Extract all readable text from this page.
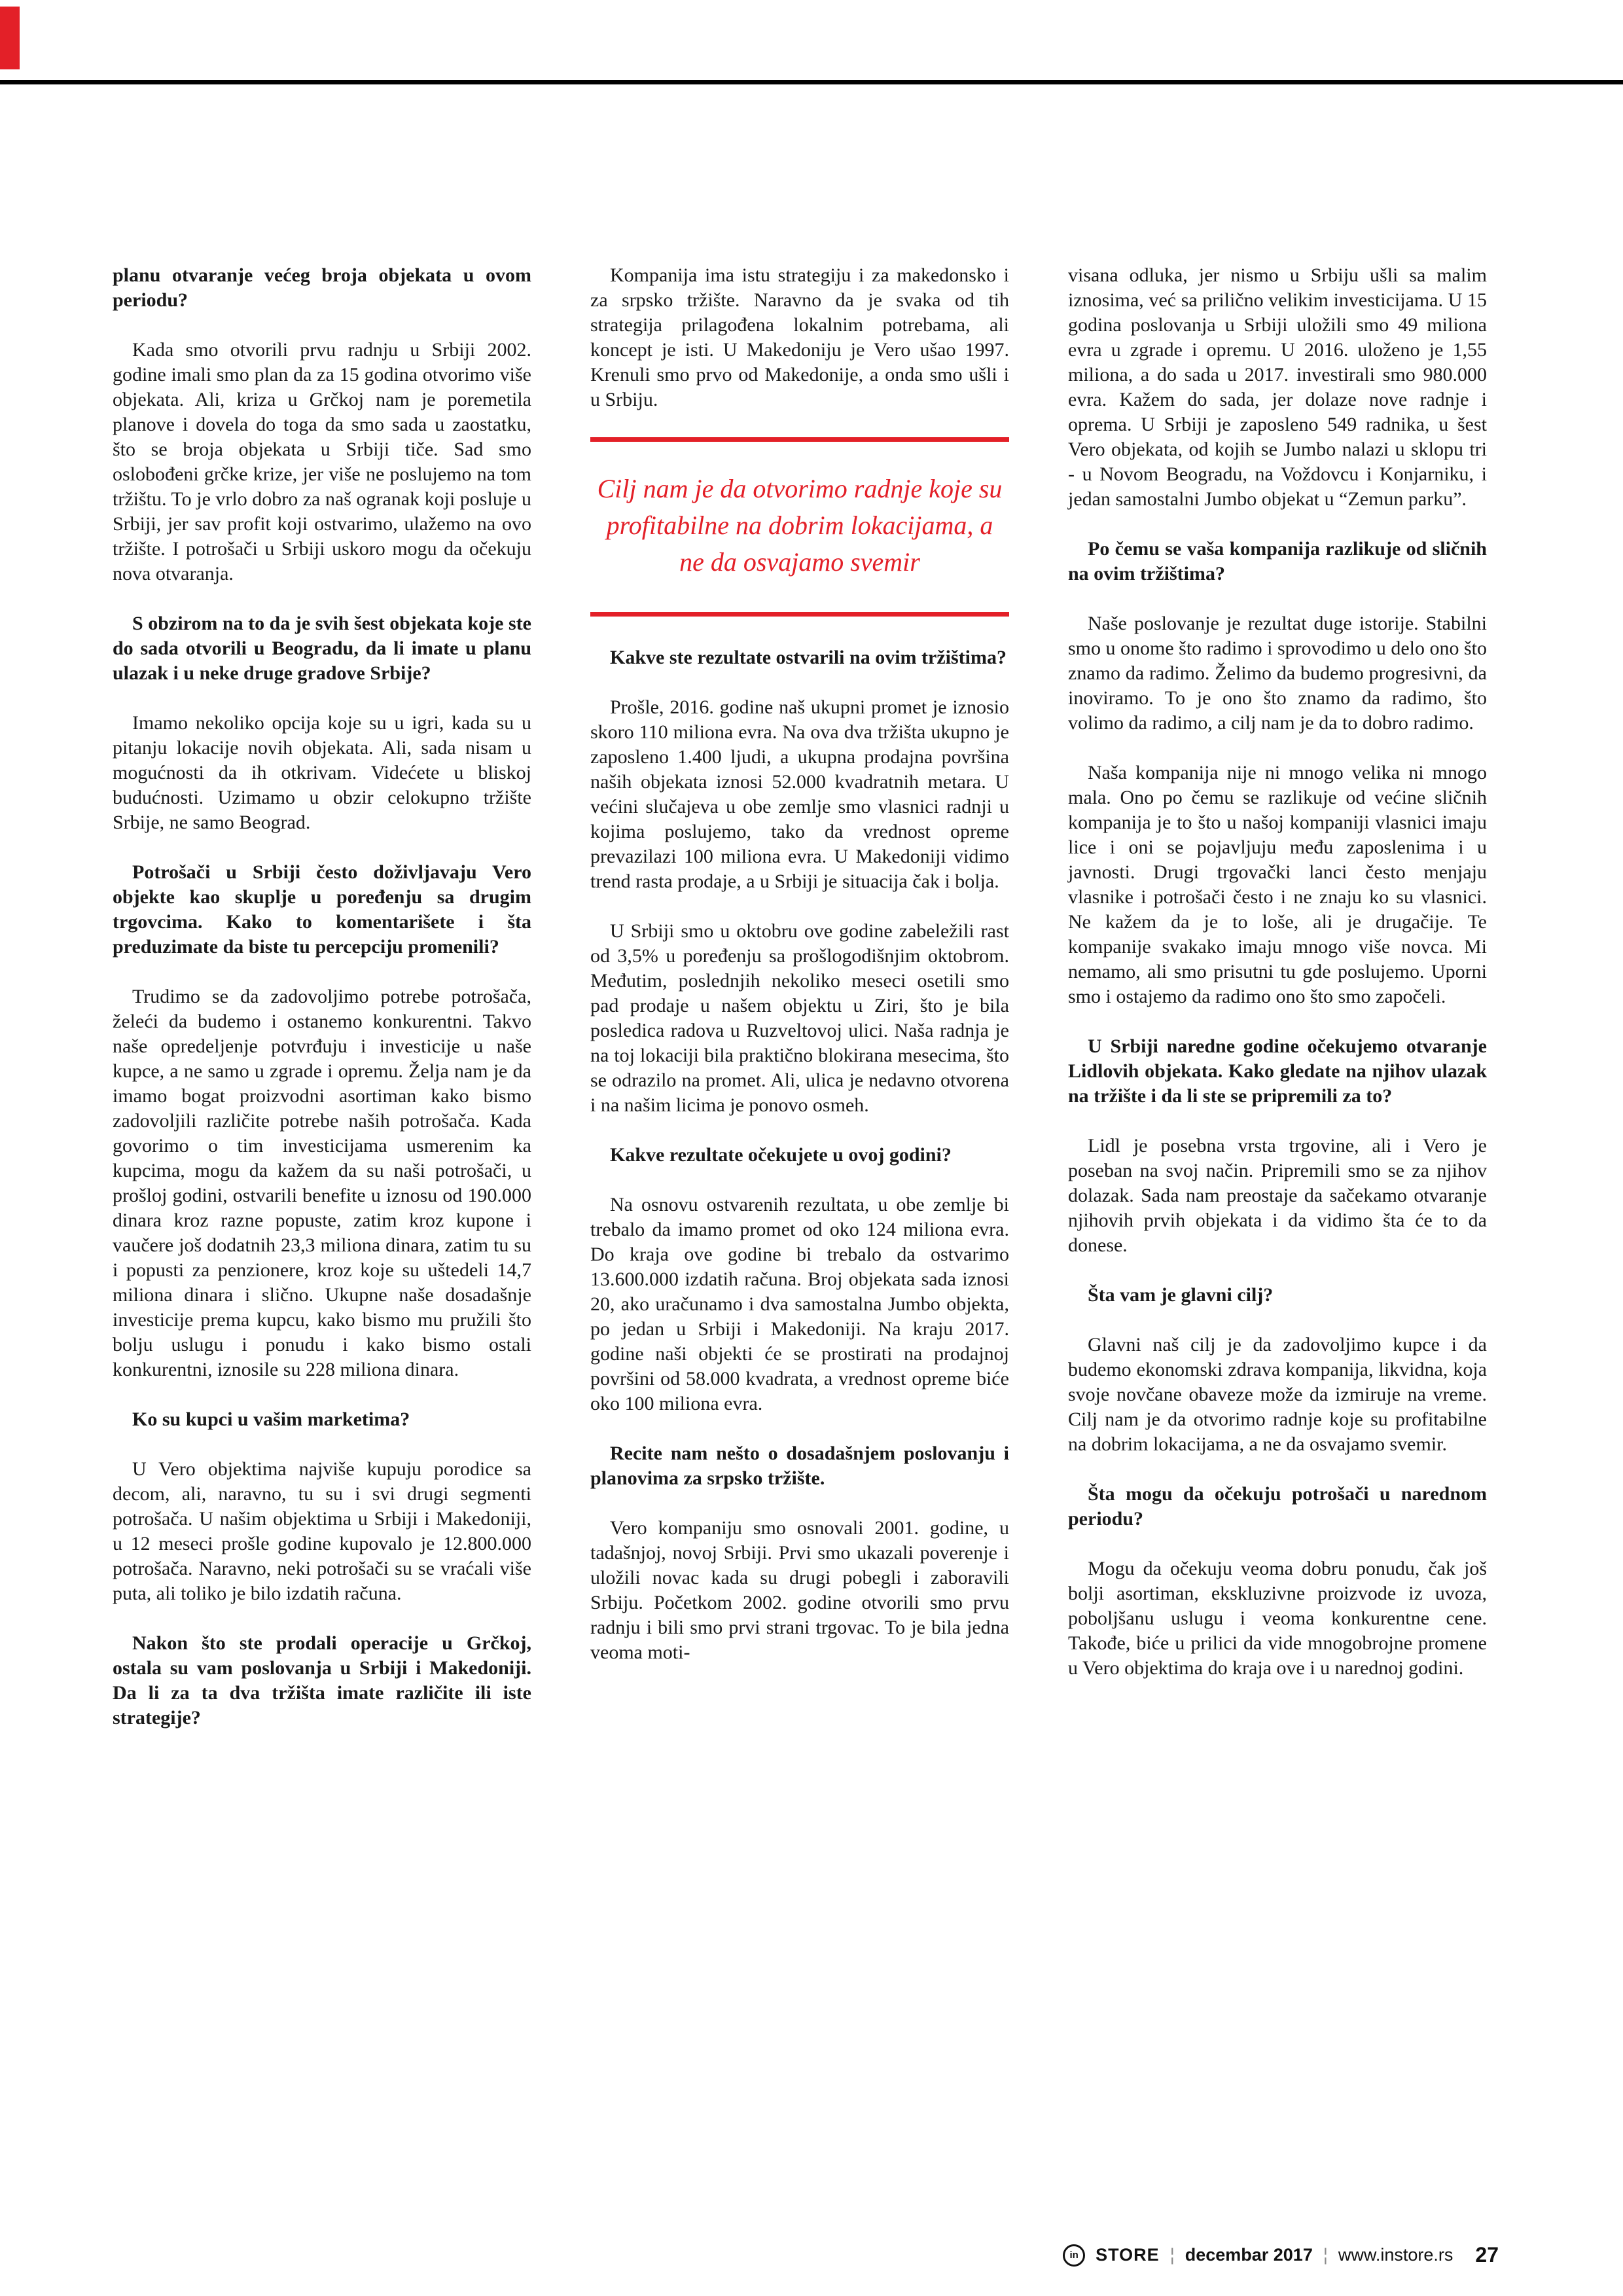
planu otvaranje većeg broja objekata u ovom periodu?

Kada smo otvorili prvu radnju u Srbiji 2002. godine imali smo plan da za 15 godina otvorimo više objekata. Ali, kriza u Grčkoj nam je poremetila planove i dovela do toga da smo sada u zaostatku, što se broja objekata u Srbiji tiče. Sad smo oslobođeni grčke krize, jer više ne poslujemo na tom tržištu. To je vrlo dobro za naš ogranak koji posluje u Srbiji, jer sav profit koji ostvarimo, ulažemo na ovo tržište. I potrošači u Srbiji uskoro mogu da očekuju nova otvaranja.

S obzirom na to da je svih šest objekata koje ste do sada otvorili u Beogradu, da li imate u planu ulazak i u neke druge gradove Srbije?

Imamo nekoliko opcija koje su u igri, kada su u pitanju lokacije novih objekata. Ali, sada nisam u mogućnosti da ih otkrivam. Videćete u bliskoj budućnosti. Uzimamo u obzir celokupno tržište Srbije, ne samo Beograd.

Potrošači u Srbiji često doživljavaju Vero objekte kao skuplje u poređenju sa drugim trgovcima. Kako to komentarišete i šta preduzimate da biste tu percepciju promenili?

Trudimo se da zadovoljimo potrebe potrošača, želeći da budemo i ostanemo konkurentni. Takvo naše opredeljenje potvrđuju i investicije u naše kupce, a ne samo u zgrade i opremu. Želja nam je da imamo bogat proizvodni asortiman kako bismo zadovoljili različite potrebe naših potrošača. Kada govorimo o tim investicijama usmerenim ka kupcima, mogu da kažem da su naši potrošači, u prošloj godini, ostvarili benefite u iznosu od 190.000 dinara kroz razne popuste, zatim kroz kupone i vaučere još dodatnih 23,3 miliona dinara, zatim tu su i popusti za penzionere, kroz koje su uštedeli 14,7 miliona dinara i slično. Ukupne naše dosadašnje investicije prema kupcu, kako bismo mu pružili što bolju uslugu i ponudu i kako bismo ostali konkurentni, iznosile su 228 miliona dinara.

Ko su kupci u vašim marketima?

U Vero objektima najviše kupuju porodice sa decom, ali, naravno, tu su i svi drugi segmenti potrošača. U našim objektima u Srbiji i Makedoniji, u 12 meseci prošle godine kupovalo je 12.800.000 potrošača. Naravno, neki potrošači su se vraćali više puta, ali toliko je bilo izdatih računa.

Nakon što ste prodali operacije u Grčkoj, ostala su vam poslovanja u Srbiji i Makedoniji. Da li za ta dva tržišta imate različite ili iste strategije?

Kompanija ima istu strategiju i za makedonsko i za srpsko tržište. Naravno da je svaka od tih strategija prilagođena lokalnim potrebama, ali koncept je isti. U Makedoniju je Vero ušao 1997. Krenuli smo prvo od Makedonije, a onda smo ušli i u Srbiju.

Cilj nam je da otvorimo radnje koje su profitabilne na dobrim lokacijama, a ne da osvajamo svemir
Kakve ste rezultate ostvarili na ovim tržištima?

Prošle, 2016. godine naš ukupni promet je iznosio skoro 110 miliona evra. Na ova dva tržišta ukupno je zaposleno 1.400 ljudi, a ukupna prodajna površina naših objekata iznosi 52.000 kvadratnih metara. U većini slučajeva u obe zemlje smo vlasnici radnji u kojima poslujemo, tako da vrednost opreme prevazilazi 100 miliona evra. U Makedoniji vidimo trend rasta prodaje, a u Srbiji je situacija čak i bolja.

U Srbiji smo u oktobru ove godine zabeležili rast od 3,5% u poređenju sa prošlogodišnjim oktobrom. Međutim, poslednjih nekoliko meseci osetili smo pad prodaje u našem objektu u Ziri, što je bila posledica radova u Ruzveltovoj ulici. Naša radnja je na toj lokaciji bila praktično blokirana mesecima, što se odrazilo na promet. Ali, ulica je nedavno otvorena i na našim licima je ponovo osmeh.

Kakve rezultate očekujete u ovoj godini?

Na osnovu ostvarenih rezultata, u obe zemlje bi trebalo da imamo promet od oko 124 miliona evra. Do kraja ove godine bi trebalo da ostvarimo 13.600.000 izdatih računa. Broj objekata sada iznosi 20, ako uračunamo i dva samostalna Jumbo objekta, po jedan u Srbiji i Makedoniji. Na kraju 2017. godine naši objekti će se prostirati na prodajnoj površini od 58.000 kvadrata, a vrednost opreme biće oko 100 miliona evra.

Recite nam nešto o dosadašnjem poslovanju i planovima za srpsko tržište.

Vero kompaniju smo osnovali 2001. godine, u tadašnjoj, novoj Srbiji. Prvi smo ukazali poverenje i uložili novac kada su drugi pobegli i zaboravili Srbiju. Početkom 2002. godine otvorili smo prvu radnju i bili smo prvi strani trgovac. To je bila jedna veoma moti-

visana odluka, jer nismo u Srbiju ušli sa malim iznosima, već sa prilično velikim investicijama. U 15 godina poslovanja u Srbiji uložili smo 49 miliona evra u zgrade i opremu. U 2016. uloženo je 1,55 miliona, a do sada u 2017. investirali smo 980.000 evra. Kažem do sada, jer dolaze nove radnje i oprema. U Srbiji je zaposleno 549 radnika, u šest Vero objekata, od kojih se Jumbo nalazi u sklopu tri - u Novom Beogradu, na Voždovcu i Konjarniku, i jedan samostalni Jumbo objekat u “Zemun parku”.

Po čemu se vaša kompanija razlikuje od sličnih na ovim tržištima?

Naše poslovanje je rezultat duge istorije. Stabilni smo u onome što radimo i sprovodimo u delo ono što znamo da radimo. Želimo da budemo progresivni, da inoviramo. To je ono što znamo da radimo, što volimo da radimo, a cilj nam je da to dobro radimo.

Naša kompanija nije ni mnogo velika ni mnogo mala. Ono po čemu se razlikuje od većine sličnih kompanija je to što u našoj kompaniji vlasnici imaju lice i oni se pojavljuju među zaposlenima i u javnosti. Drugi trgovački lanci često menjaju vlasnike i potrošači često i ne znaju ko su vlasnici. Ne kažem da je to loše, ali je drugačije. Te kompanije svakako imaju mnogo više novca. Mi nemamo, ali smo prisutni tu gde poslujemo. Uporni smo i ostajemo da radimo ono što smo započeli.

U Srbiji naredne godine očekujemo otvaranje Lidlovih objekata. Kako gledate na njihov ulazak na tržište i da li ste se pripremili za to?

Lidl je posebna vrsta trgovine, ali i Vero je poseban na svoj način. Pripremili smo se za njihov dolazak. Sada nam preostaje da sačekamo otvaranje njihovih prvih objekata i da vidimo šta će to da donese.

Šta vam je glavni cilj?

Glavni naš cilj je da zadovoljimo kupce i da budemo ekonomski zdrava kompanija, likvidna, koja svoje novčane obaveze može da izmiruje na vreme. Cilj nam je da otvorimo radnje koje su profitabilne na dobrim lokacijama, a ne da osvajamo svemir.

Šta mogu da očekuju potrošači u narednom periodu?

Mogu da očekuju veoma dobru ponudu, čak još bolji asortiman, ekskluzivne proizvode iz uvoza, poboljšanu uslugu i veoma konkurentne cene. Takođe, biće u prilici da vide mnogobrojne promene u Vero objektima do kraja ove i u narednoj godini.

in STORE ¦ decembar 2017 ¦ www.instore.rs 27
